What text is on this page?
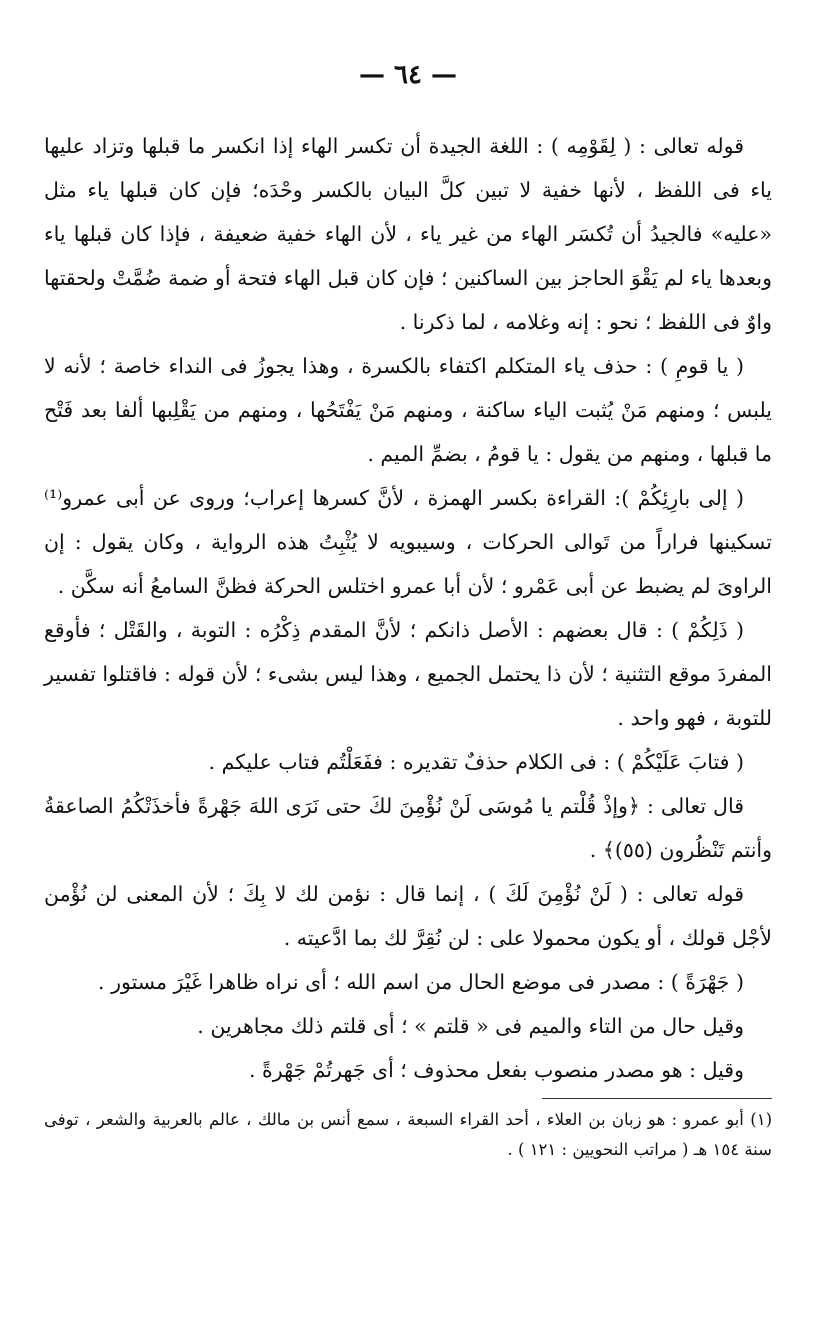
— ٦٤ —

قوله تعالى : ( لِقَوْمِه ) : اللغة الجيدة أن تكسر الهاء إذا انكسر ما قبلها وتزاد عليها ياء فى اللفظ ، لأنها خفية لا تبين كلَّ البيان بالكسر وحْدَه؛ فإن كان قبلها ياء مثل «عليه» فالجيدُ أن تُكسَر الهاء من غير ياء ، لأن الهاء خفية ضعيفة ، فإذا كان قبلها ياء وبعدها ياء لم يَقْوَ الحاجز بين الساكنين ؛ فإن كان قبل الهاء فتحة أو ضمة ضُمَّتْ ولحقتها واوٌ فى اللفظ ؛ نحو : إنه وغلامه ، لما ذكرنا .

( يا قومِ ) : حذف ياء المتكلم اكتفاء بالكسرة ، وهذا يجوزُ فى النداء خاصة ؛ لأنه لا يلبس ؛ ومنهم مَنْ يُثبت الياء ساكنة ، ومنهم مَنْ يَفْتَحُها ، ومنهم من يَقْلِبها ألفا بعد فَتْح ما قبلها ، ومنهم من يقول : يا قومُ ، بضمِّ الميم .

( إلى بارِئِكُمْ ): القراءة بكسر الهمزة ، لأنَّ كسرها إعراب؛ وروى عن أبى عمرو⁽¹⁾ تسكينها فراراً من تَوالى الحركات ، وسيبويه لا يُثْبِتُ هذه الرواية ، وكان يقول : إن الراوىَ لم يضبط عن أبى عَمْرو ؛ لأن أبا عمرو اختلس الحركة فظنَّ السامعُ أنه سكَّن .

( ذَلِكُمْ ) : قال بعضهم : الأصل ذانكم ؛ لأنَّ المقدم ذِكْرُه : التوبة ، والقَتْل ؛ فأوقع المفردَ موقع التثنية ؛ لأن ذا يحتمل الجميع ، وهذا ليس بشىء ؛ لأن قوله : فاقتلوا تفسير للتوبة ، فهو واحد .

( فتابَ عَلَيْكُمْ ) : فى الكلام حذفٌ تقديره : ففَعَلْتُم فتاب عليكم .

قال تعالى : ﴿وإذْ قُلْتم يا مُوسَى لَنْ نُؤْمِنَ لكَ حتى نَرَى اللهَ جَهْرةً فأخذَتْكُمُ الصاعقةُ وأنتم تَنْظُرون (٥٥)﴾ .

قوله تعالى : ( لَنْ نُؤْمِنَ لَكَ ) ، إنما قال : نؤمن لك لا بِكَ ؛ لأن المعنى لن نُؤْمن لأجْل قولك ، أو يكون محمولا على : لن نُقِرَّ لك بما ادَّعيته .

( جَهْرَةً ) : مصدر فى موضع الحال من اسم الله ؛ أى نراه ظاهرا غَيْرَ مستور .

وقيل حال من التاء والميم فى « قلتم » ؛ أى قلتم ذلك مجاهرين .

وقيل : هو مصدر منصوب بفعل محذوف ؛ أى جَهرتُمْ جَهْرةً .

(١) أبو عمرو : هو زبان بن العلاء ، أحد القراء السبعة ، سمع أنس بن مالك ، عالم بالعربية والشعر ، توفى سنة ١٥٤ هـ ( مراتب النحويين : ١٢١ ) .
